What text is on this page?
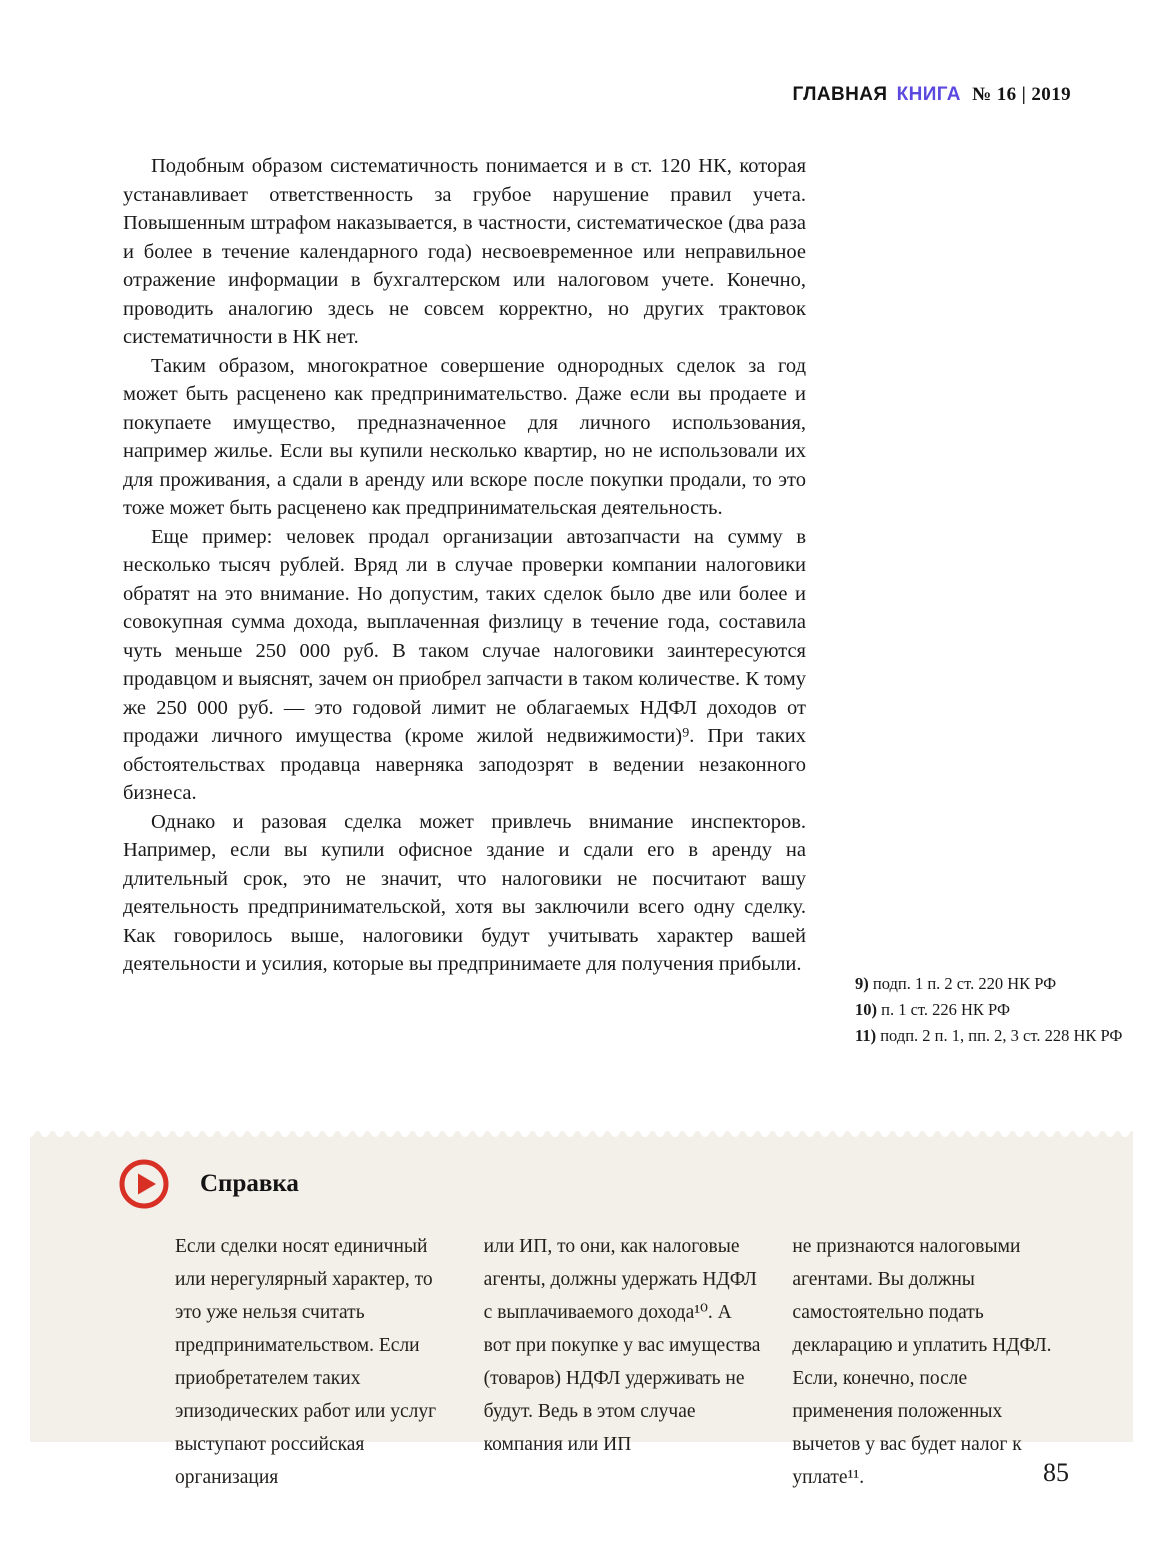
ГЛАВНАЯ КНИГА № 16 | 2019

Подобным образом систематичность понимается и в ст. 120 НК, которая устанавливает ответственность за грубое нарушение правил учета. Повышенным штрафом наказывается, в частности, систематическое (два раза и более в течение календарного года) несвоевременное или неправильное отражение информации в бухгалтерском или налоговом учете. Конечно, проводить аналогию здесь не совсем корректно, но других трактовок систематичности в НК нет.

Таким образом, многократное совершение однородных сделок за год может быть расценено как предпринимательство. Даже если вы продаете и покупаете имущество, предназначенное для личного использования, например жилье. Если вы купили несколько квартир, но не использовали их для проживания, а сдали в аренду или вскоре после покупки продали, то это тоже может быть расценено как предпринимательская деятельность.

Еще пример: человек продал организации автозапчасти на сумму в несколько тысяч рублей. Вряд ли в случае проверки компании налоговики обратят на это внимание. Но допустим, таких сделок было две или более и совокупная сумма дохода, выплаченная физлицу в течение года, составила чуть меньше 250 000 руб. В таком случае налоговики заинтересуются продавцом и выяснят, зачем он приобрел запчасти в таком количестве. К тому же 250 000 руб. — это годовой лимит не облагаемых НДФЛ доходов от продажи личного имущества (кроме жилой недвижимости)⁹. При таких обстоятельствах продавца наверняка заподозрят в ведении незаконного бизнеса.

Однако и разовая сделка может привлечь внимание инспекторов. Например, если вы купили офисное здание и сдали его в аренду на длительный срок, это не значит, что налоговики не посчитают вашу деятельность предпринимательской, хотя вы заключили всего одну сделку. Как говорилось выше, налоговики будут учитывать характер вашей деятельности и усилия, которые вы предпринимаете для получения прибыли.

9) подп. 1 п. 2 ст. 220 НК РФ
10) п. 1 ст. 226 НК РФ
11) подп. 2 п. 1, пп. 2, 3 ст. 228 НК РФ
Справка
Если сделки носят единичный или нерегулярный характер, то это уже нельзя считать предпринимательством. Если приобретателем таких эпизодических работ или услуг выступают российская организация
или ИП, то они, как налоговые агенты, должны удержать НДФЛ с выплачиваемого дохода¹⁰. А вот при покупке у вас имущества (товаров) НДФЛ удерживать не будут. Ведь в этом случае компания или ИП
не признаются налоговыми агентами. Вы должны самостоятельно подать декларацию и уплатить НДФЛ. Если, конечно, после применения положенных вычетов у вас будет налог к уплате¹¹.	85
